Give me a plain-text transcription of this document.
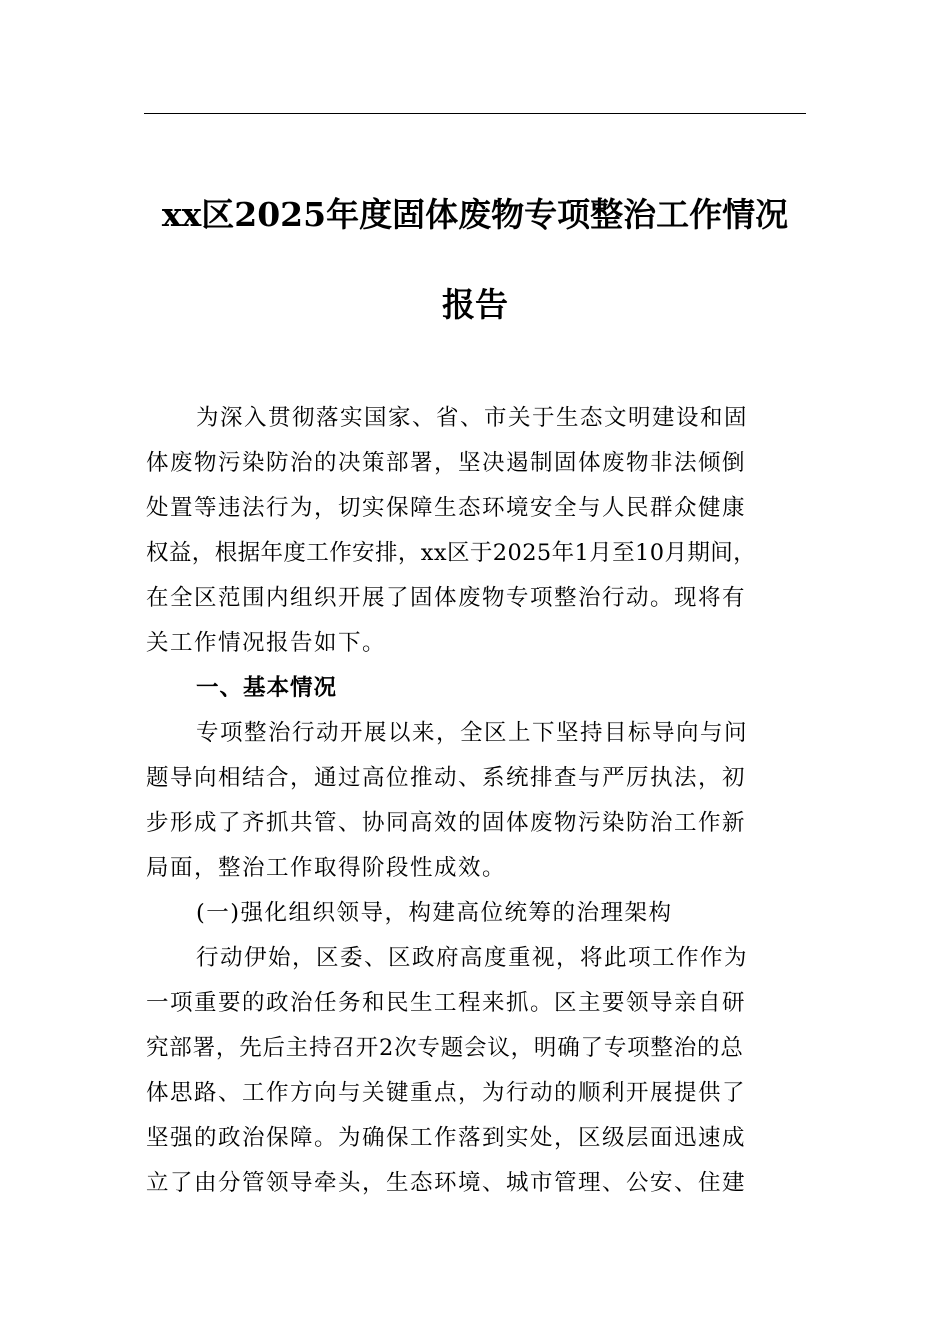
xx区2025年度固体废物专项整治工作情况
报告
为深入贯彻落实国家、省、市关于生态文明建设和固
体废物污染防治的决策部署，坚决遏制固体废物非法倾倒
处置等违法行为，切实保障生态环境安全与人民群众健康
权益，根据年度工作安排，xx区于2025年1月至10月期间，
在全区范围内组织开展了固体废物专项整治行动。现将有
关工作情况报告如下。
一、基本情况
专项整治行动开展以来，全区上下坚持目标导向与问
题导向相结合，通过高位推动、系统排查与严厉执法，初
步形成了齐抓共管、协同高效的固体废物污染防治工作新
局面，整治工作取得阶段性成效。
(一)强化组织领导，构建高位统筹的治理架构
行动伊始，区委、区政府高度重视，将此项工作作为
一项重要的政治任务和民生工程来抓。区主要领导亲自研
究部署，先后主持召开2次专题会议，明确了专项整治的总
体思路、工作方向与关键重点，为行动的顺利开展提供了
坚强的政治保障。为确保工作落到实处，区级层面迅速成
立了由分管领导牵头，生态环境、城市管理、公安、住建
